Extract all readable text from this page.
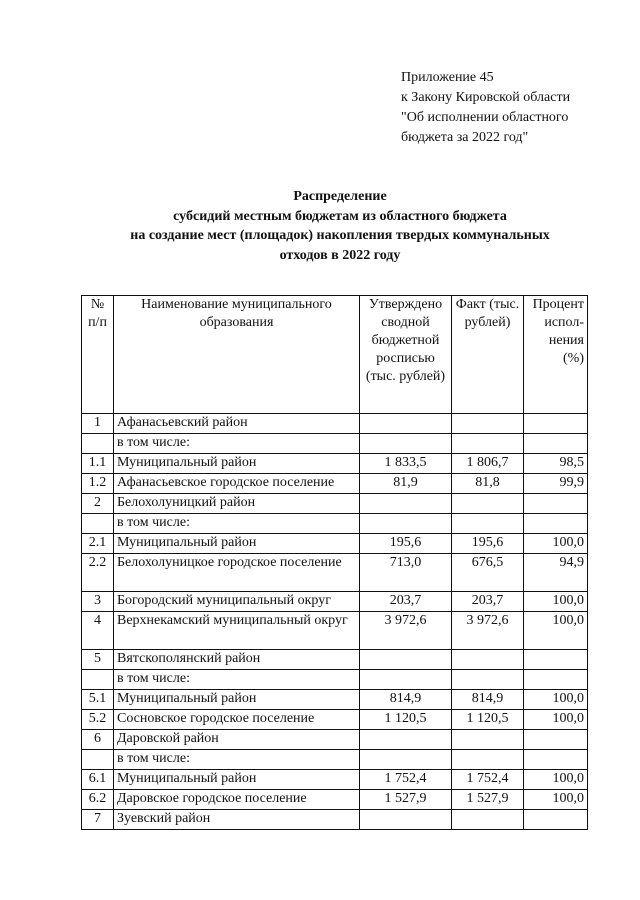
Приложение 45
к Закону Кировской области
"Об исполнении областного
бюджета за 2022 год"
Распределение
субсидий местным бюджетам из областного бюджета
на создание мест (площадок) накопления твердых коммунальных
отходов в 2022 году
№ п/п	Наименование муниципального образования	Утверждено сводной бюджетной росписью (тыс. рублей)	Факт (тыс. рублей)	Процент испол-нения (%)
1	Афанасьевский район			
	в том числе:			
1.1	Муниципальный район	1 833,5	1 806,7	98,5
1.2	Афанасьевское городское поселение	81,9	81,8	99,9
2	Белохолуницкий район			
	в том числе:			
2.1	Муниципальный район	195,6	195,6	100,0
2.2	Белохолуницкое городское поселение	713,0	676,5	94,9
3	Богородский муниципальный округ	203,7	203,7	100,0
4	Верхнекамский муниципальный округ	3 972,6	3 972,6	100,0
5	Вятскополянский район			
	в том числе:			
5.1	Муниципальный район	814,9	814,9	100,0
5.2	Сосновское городское поселение	1 120,5	1 120,5	100,0
6	Даровской район			
	в том числе:			
6.1	Муниципальный район	1 752,4	1 752,4	100,0
6.2	Даровское городское поселение	1 527,9	1 527,9	100,0
7	Зуевский район			
